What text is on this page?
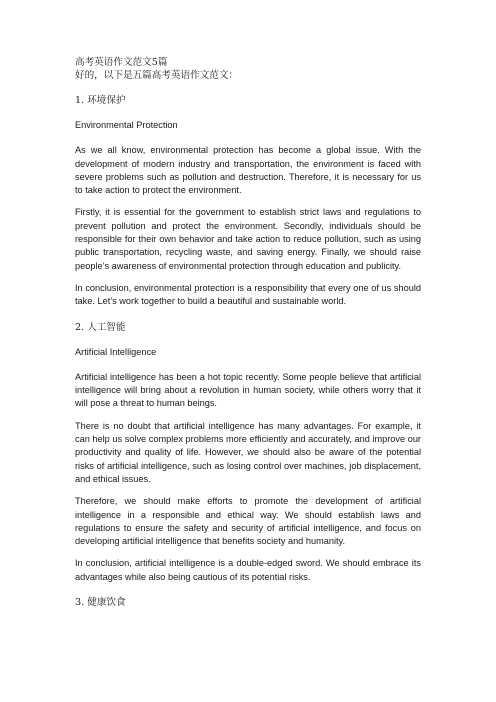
高考英语作文范文5篇

好的，以下是五篇高考英语作文范文：

1. 环境保护

Environmental Protection

As we all know, environmental protection has become a global issue. With the development of modern industry and transportation, the environment is faced with severe problems such as pollution and destruction. Therefore, it is necessary for us to take action to protect the environment.

Firstly, it is essential for the government to establish strict laws and regulations to prevent pollution and protect the environment. Secondly, individuals should be responsible for their own behavior and take action to reduce pollution, such as using public transportation, recycling waste, and saving energy. Finally, we should raise people’s awareness of environmental protection through education and publicity.

In conclusion, environmental protection is a responsibility that every one of us should take. Let’s work together to build a beautiful and sustainable world.

2. 人工智能

Artificial Intelligence

Artificial intelligence has been a hot topic recently. Some people believe that artificial intelligence will bring about a revolution in human society, while others worry that it will pose a threat to human beings.

There is no doubt that artificial intelligence has many advantages. For example, it can help us solve complex problems more efficiently and accurately, and improve our productivity and quality of life. However, we should also be aware of the potential risks of artificial intelligence, such as losing control over machines, job displacement, and ethical issues.

Therefore, we should make efforts to promote the development of artificial intelligence in a responsible and ethical way. We should establish laws and regulations to ensure the safety and security of artificial intelligence, and focus on developing artificial intelligence that benefits society and humanity.

In conclusion, artificial intelligence is a double-edged sword. We should embrace its advantages while also being cautious of its potential risks.

3. 健康饮食
